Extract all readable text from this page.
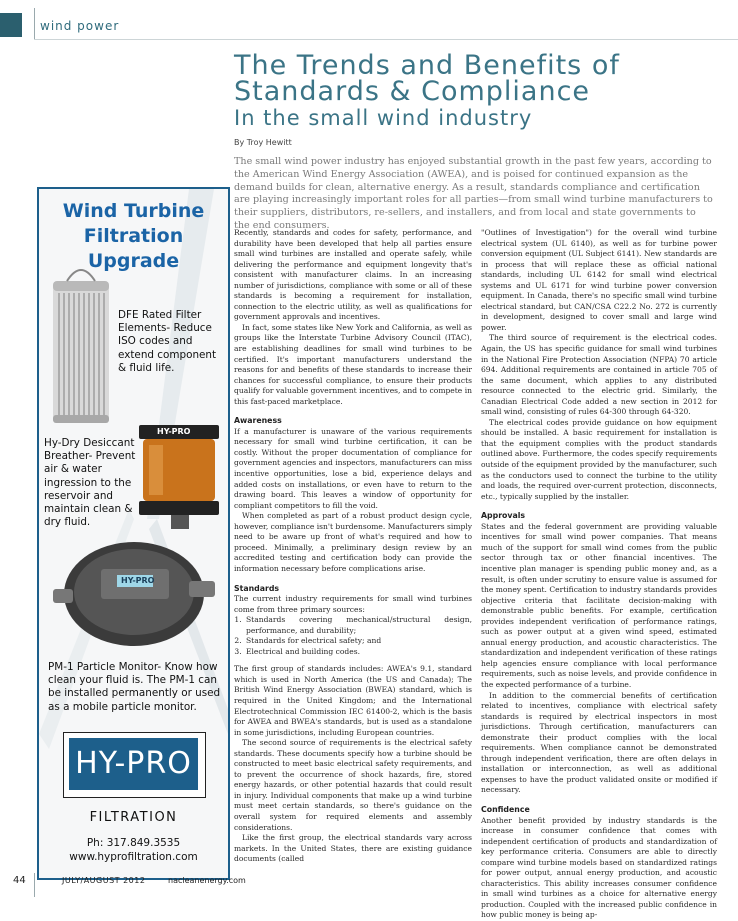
wind power
The Trends and Benefits of
Standards & Compliance
In the small wind industry
By Troy Hewitt
The small wind power industry has enjoyed substantial growth in the past few years, according to the American Wind Energy Association (AWEA), and is poised for continued expansion as the demand builds for clean, alternative energy. As a result, standards compliance and certification are playing increasingly important roles for all parties—from small wind turbine manufacturers to their suppliers, distributors, re-sellers, and installers, and from local and state governments to the end consumers.

Recently, standards and codes for safety, performance, and durability have been developed that help all parties ensure small wind turbines are installed and operate safely, while delivering the performance and equipment longevity that's consistent with manufacturer claims. In an increasing number of jurisdictions, compliance with some or all of these standards is becoming a requirement for installation, connection to the electric utility, as well as qualifications for government approvals and incentives.

In fact, some states like New York and California, as well as groups like the Interstate Turbine Advisory Council (ITAC), are establishing deadlines for small wind turbines to be certified. It's important manufacturers understand the reasons for and benefits of these standards to increase their chances for successful compliance, to ensure their products qualify for valuable government incentives, and to compete in this fast-paced marketplace.

Awareness

If a manufacturer is unaware of the various requirements necessary for small wind turbine certification, it can be costly. Without the proper documentation of compliance for government agencies and inspectors, manufacturers can miss incentive opportunities, lose a bid, experience delays and added costs on installations, or even have to return to the drawing board. This leaves a window of opportunity for compliant competitors to fill the void.

When completed as part of a robust product design cycle, however, compliance isn't burdensome. Manufacturers simply need to be aware up front of what's required and how to proceed. Minimally, a preliminary design review by an accredited testing and certification body can provide the information necessary before complications arise.

Standards

The current industry requirements for small wind turbines come from three primary sources:

1. Standards covering mechanical/structural design, performance, and durability;
2. Standards for electrical safety; and
3. Electrical and building codes.

The first group of standards includes: AWEA's 9.1, standard which is used in North America (the US and Canada); The British Wind Energy Association (BWEA) standard, which is required in the United Kingdom; and the International Electrotechnical Commission IEC 61400-2, which is the basis for AWEA and BWEA's standards, but is used as a standalone in some jurisdictions, including European countries.

The second source of requirements is the electrical safety standards. These documents specify how a turbine should be constructed to meet basic electrical safety requirements, and to prevent the occurrence of shock hazards, fire, stored energy hazards, or other potential hazards that could result in injury. Individual components that make up a wind turbine must meet certain standards, so there's guidance on the overall system for required elements and assembly considerations.

Like the first group, the electrical standards vary across markets. In the United States, there are existing guidance documents (called

"Outlines of Investigation") for the overall wind turbine electrical system (UL 6140), as well as for turbine power conversion equipment (UL Subject 6141). New standards are in process that will replace these as official national standards, including UL 6142 for small wind electrical systems and UL 6171 for wind turbine power conversion equipment. In Canada, there's no specific small wind turbine electrical standard, but CAN/CSA C22.2 No. 272 is currently in development, designed to cover small and large wind power.

The third source of requirement is the electrical codes. Again, the US has specific guidance for small wind turbines in the National Fire Protection Association (NFPA) 70 article 694. Additional requirements are contained in article 705 of the same document, which applies to any distributed resource connected to the electric grid. Similarly, the Canadian Electrical Code added a new section in 2012 for small wind, consisting of rules 64-300 through 64-320.

The electrical codes provide guidance on how equipment should be installed. A basic requirement for installation is that the equipment complies with the product standards outlined above. Furthermore, the codes specify requirements outside of the equipment provided by the manufacturer, such as the conductors used to connect the turbine to the utility and loads, the required over-current protection, disconnects, etc., typically supplied by the installer.

Approvals

States and the federal government are providing valuable incentives for small wind power companies. That means much of the support for small wind comes from the public sector through tax or other financial incentives. The incentive plan manager is spending public money and, as a result, is often under scrutiny to ensure value is assumed for the money spent. Certification to industry standards provides objective criteria that facilitate decision-making with demonstrable public benefits. For example, certification provides independent verification of performance ratings, such as power output at a given wind speed, estimated annual energy production, and acoustic characteristics. The standardization and independent verification of these ratings help agencies ensure compliance with local performance requirements, such as noise levels, and provide confidence in the expected performance of a turbine.

In addition to the commercial benefits of certification related to incentives, compliance with electrical safety standards is required by electrical inspectors in most jurisdictions. Through certification, manufacturers can demonstrate their product complies with the local requirements. When compliance cannot be demonstrated through independent verification, there are often delays in installation or interconnection, as well as additional expenses to have the product validated onsite or modified if necessary.

Confidence

Another benefit provided by industry standards is the increase in consumer confidence that comes with independent certification of products and standardization of key performance criteria. Consumers are able to directly compare wind turbine models based on standardized ratings for power output, annual energy production, and acoustic characteristics. This ability increases consumer confidence in small wind turbines as a choice for alternative energy production. Coupled with the increased public confidence in how public money is being ap-

Wind Turbine Filtration Upgrade
DFE Rated Filter Elements- Reduce ISO codes and extend component & fluid life.
Hy-Dry Desiccant Breather- Prevent air & water ingression to the reservoir and maintain clean & dry fluid.
HY-PRO
HY-PRO
PM-1 Particle Monitor- Know how clean your fluid is. The PM-1 can be installed permanently or used as a mobile particle monitor.
HY-PRO
FILTRATION
Ph: 317.849.3535
www.hyprofiltration.com
44	JULY/AUGUST 2012	nacleanenergy.com
